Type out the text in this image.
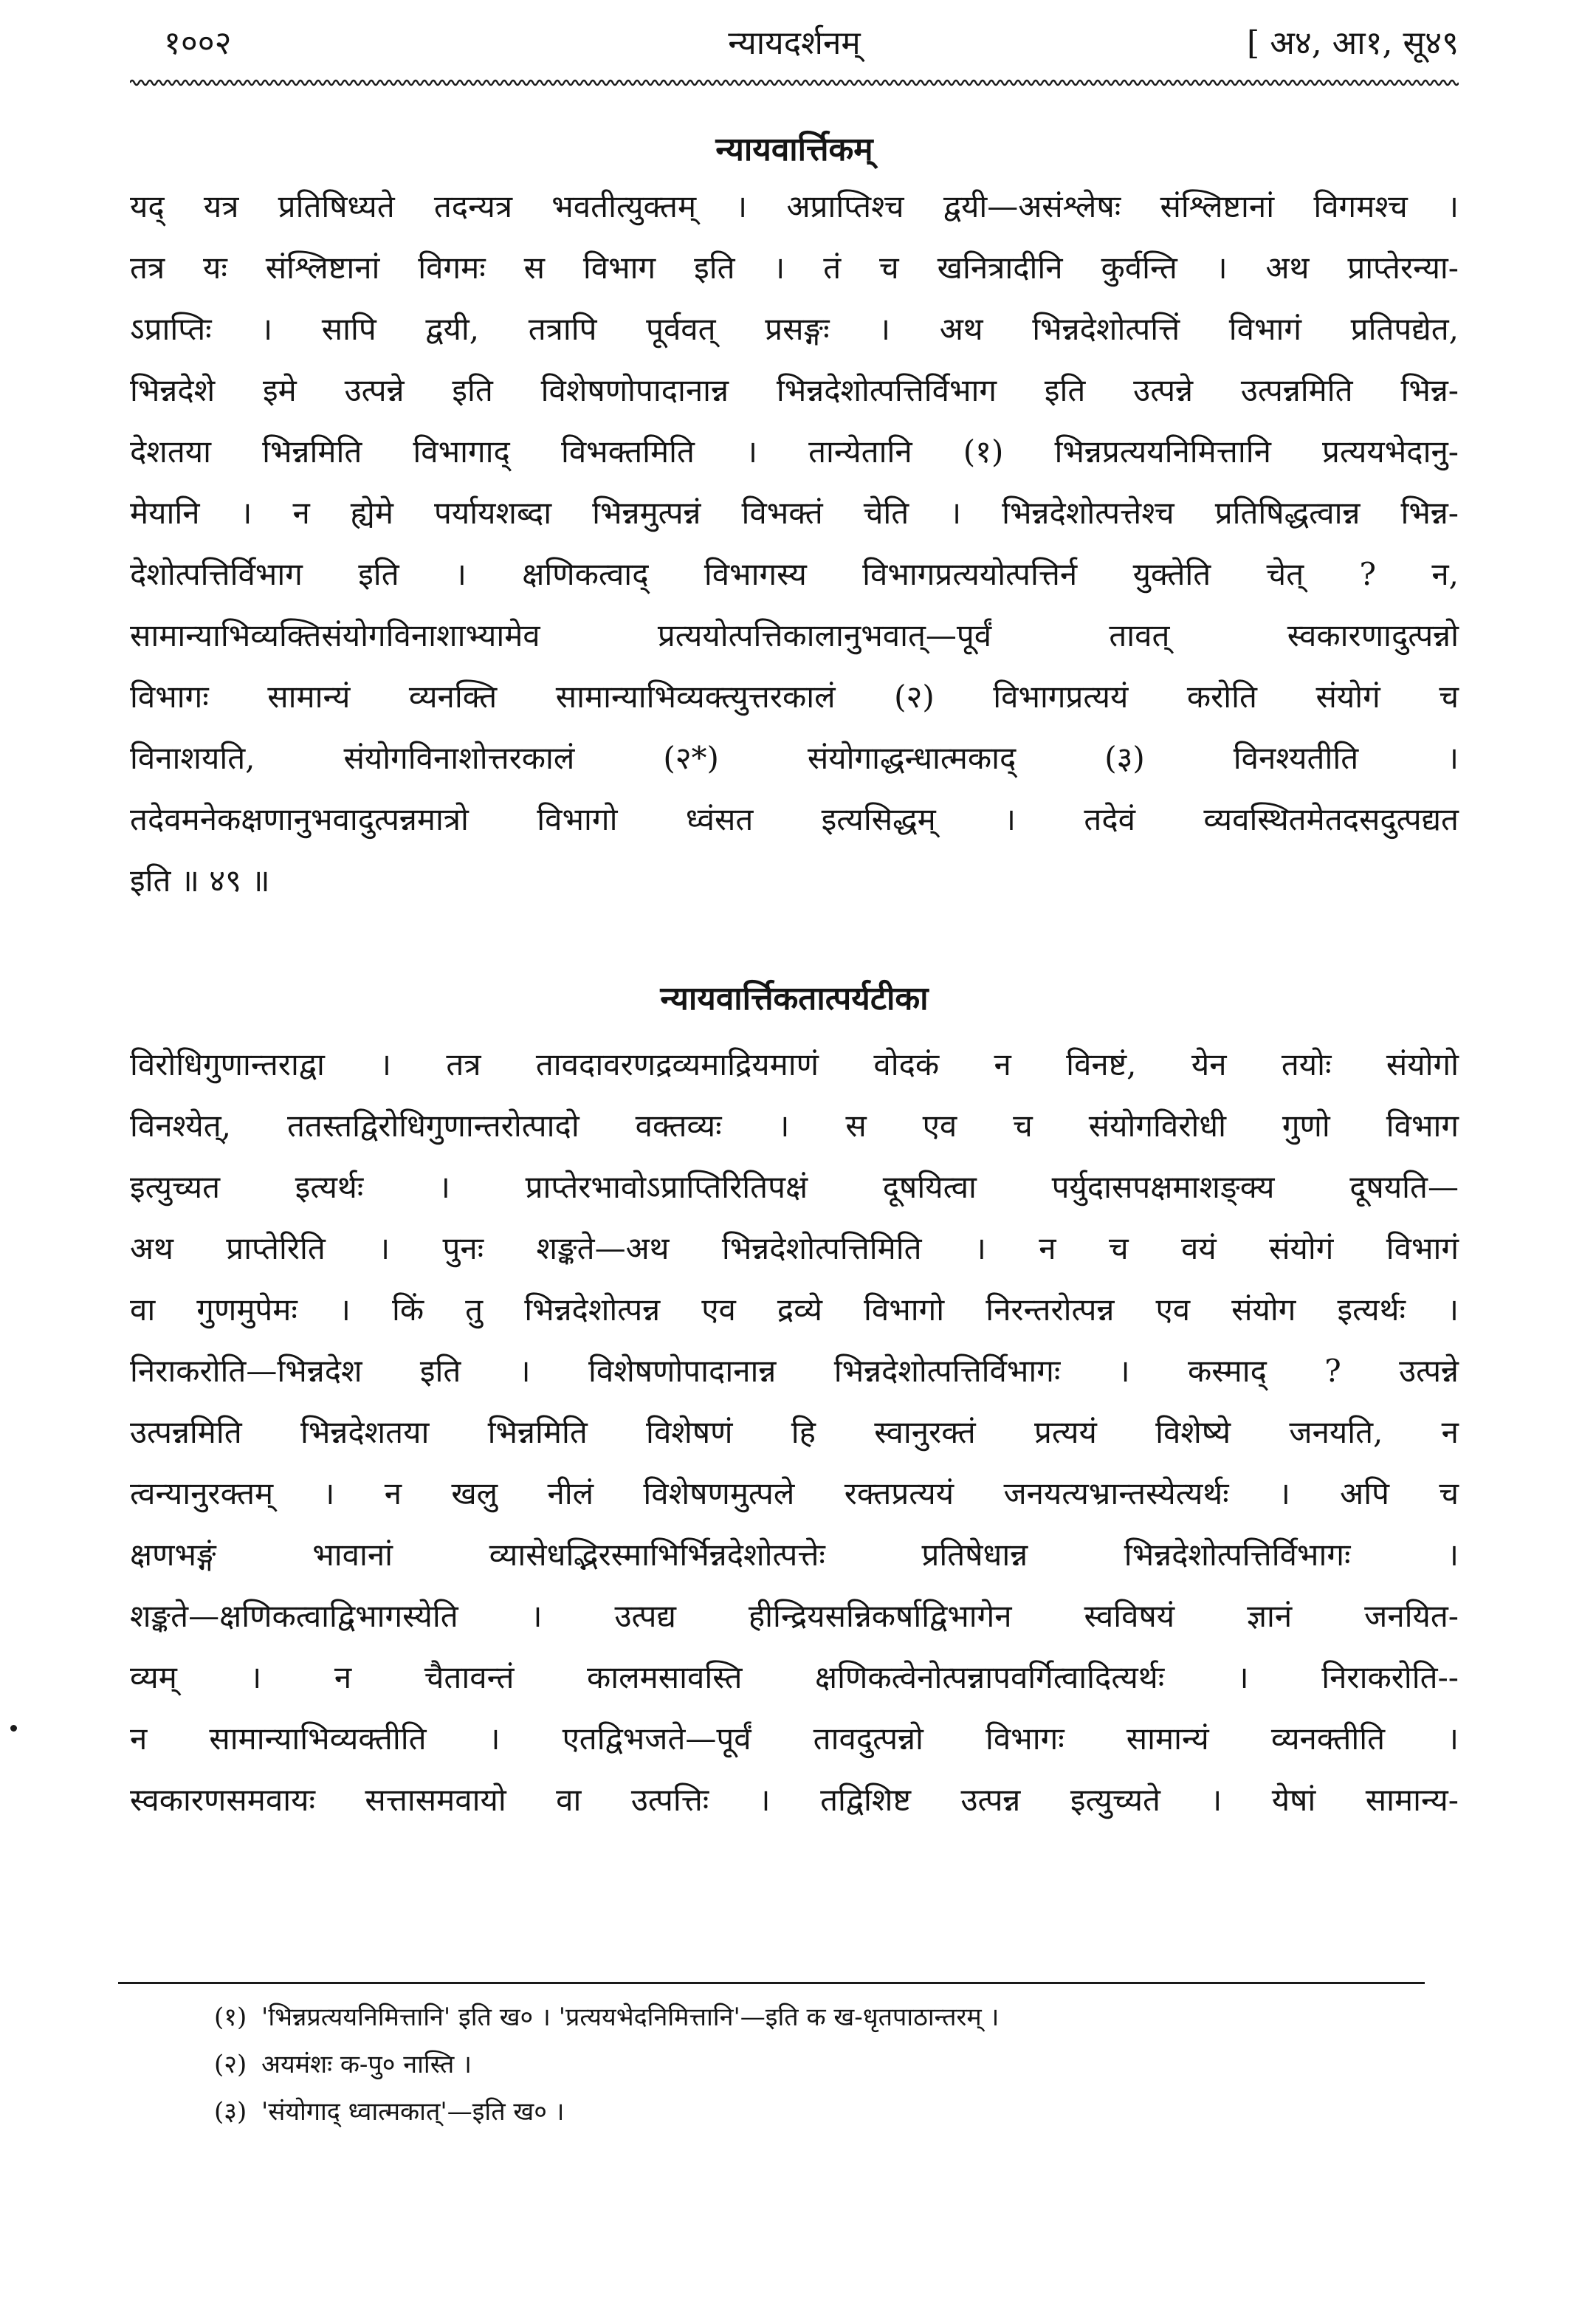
१००२	न्यायदर्शनम्	[ अ४, आ१, सू४९
न्यायवार्त्तिकम्
यद् यत्र प्रतिषिध्यते तदन्यत्र भवतीत्युक्तम् । अप्राप्तिश्च द्वयी—असंश्लेषः संश्लिष्टानां विगमश्च ।
तत्र यः संश्लिष्टानां विगमः स विभाग इति । तं च खनित्रादीनि कुर्वन्ति । अथ प्राप्तेरन्या-
ऽप्राप्तिः । सापि द्वयी, तत्रापि पूर्ववत् प्रसङ्गः । अथ भिन्नदेशोत्पत्तिं विभागं प्रतिपद्येत,
भिन्नदेशे इमे उत्पन्ने इति विशेषणोपादानान्न भिन्नदेशोत्पत्तिर्विभाग इति उत्पन्ने उत्पन्नमिति भिन्न-
देशतया भिन्नमिति विभागाद् विभक्तमिति । तान्येतानि (१) भिन्नप्रत्ययनिमित्तानि प्रत्ययभेदानु-
मेयानि । न ह्येमे पर्यायशब्दा भिन्नमुत्पन्नं विभक्तं चेति । भिन्नदेशोत्पत्तेश्च प्रतिषिद्धत्वान्न भिन्न-
देशोत्पत्तिर्विभाग इति । क्षणिकत्वाद् विभागस्य विभागप्रत्ययोत्पत्तिर्न युक्तेति चेत् ? न,
सामान्याभिव्यक्तिसंयोगविनाशाभ्यामेव प्रत्ययोत्पत्तिकालानुभवात्—पूर्वं तावत् स्वकारणादुत्पन्नो
विभागः सामान्यं व्यनक्ति सामान्याभिव्यक्त्युत्तरकालं (२) विभागप्रत्ययं करोति संयोगं च
विनाशयति, संयोगविनाशोत्तरकालं (२*) संयोगाद्धन्धात्मकाद् (३) विनश्यतीति ।
तदेवमनेकक्षणानुभवादुत्पन्नमात्रो विभागो ध्वंसत इत्यसिद्धम् । तदेवं व्यवस्थितमेतदसदुत्पद्यत
इति ॥ ४९ ॥
न्यायवार्त्तिकतात्पर्यटीका
विरोधिगुणान्तराद्वा । तत्र तावदावरणद्रव्यमाद्रियमाणं वोदकं न विनष्टं, येन तयोः संयोगो
विनश्येत्, ततस्तद्विरोधिगुणान्तरोत्पादो वक्तव्यः । स एव च संयोगविरोधी गुणो विभाग
इत्युच्यत इत्यर्थः । प्राप्तेरभावोऽप्राप्तिरितिपक्षं दूषयित्वा पर्युदासपक्षमाशङ्क्य दूषयति—
अथ प्राप्तेरिति । पुनः शङ्कते—अथ भिन्नदेशोत्पत्तिमिति । न च वयं संयोगं विभागं
वा गुणमुपेमः । किं तु भिन्नदेशोत्पन्न एव द्रव्ये विभागो निरन्तरोत्पन्न एव संयोग इत्यर्थः ।
निराकरोति—भिन्नदेश इति । विशेषणोपादानान्न भिन्नदेशोत्पत्तिर्विभागः । कस्माद् ? उत्पन्ने
उत्पन्नमिति भिन्नदेशतया भिन्नमिति विशेषणं हि स्वानुरक्तं प्रत्ययं विशेष्ये जनयति, न
त्वन्यानुरक्तम् । न खलु नीलं विशेषणमुत्पले रक्तप्रत्ययं जनयत्यभ्रान्तस्येत्यर्थः । अपि च
क्षणभङ्गं भावानां व्यासेधद्भिरस्माभिर्भिन्नदेशोत्पत्तेः प्रतिषेधान्न भिन्नदेशोत्पत्तिर्विभागः ।
शङ्कते—क्षणिकत्वाद्विभागस्येति । उत्पद्य हीन्द्रियसन्निकर्षाद्विभागेन स्वविषयं ज्ञानं जनयित-
व्यम् । न चैतावन्तं कालमसावस्ति क्षणिकत्वेनोत्पन्नापवर्गित्वादित्यर्थः । निराकरोति--
न सामान्याभिव्यक्तीति । एतद्विभजते—पूर्वं तावदुत्पन्नो विभागः सामान्यं व्यनक्तीति ।
स्वकारणसमवायः सत्तासमवायो वा उत्पत्तिः । तद्विशिष्ट उत्पन्न इत्युच्यते । येषां सामान्य-
(१) 'भिन्नप्रत्ययनिमित्तानि' इति ख० । 'प्रत्ययभेदनिमित्तानि'—इति क ख-धृतपाठान्तरम् ।
(२) अयमंशः क-पु० नास्ति ।
(३) 'संयोगाद् ध्वात्मकात्'—इति ख० ।
